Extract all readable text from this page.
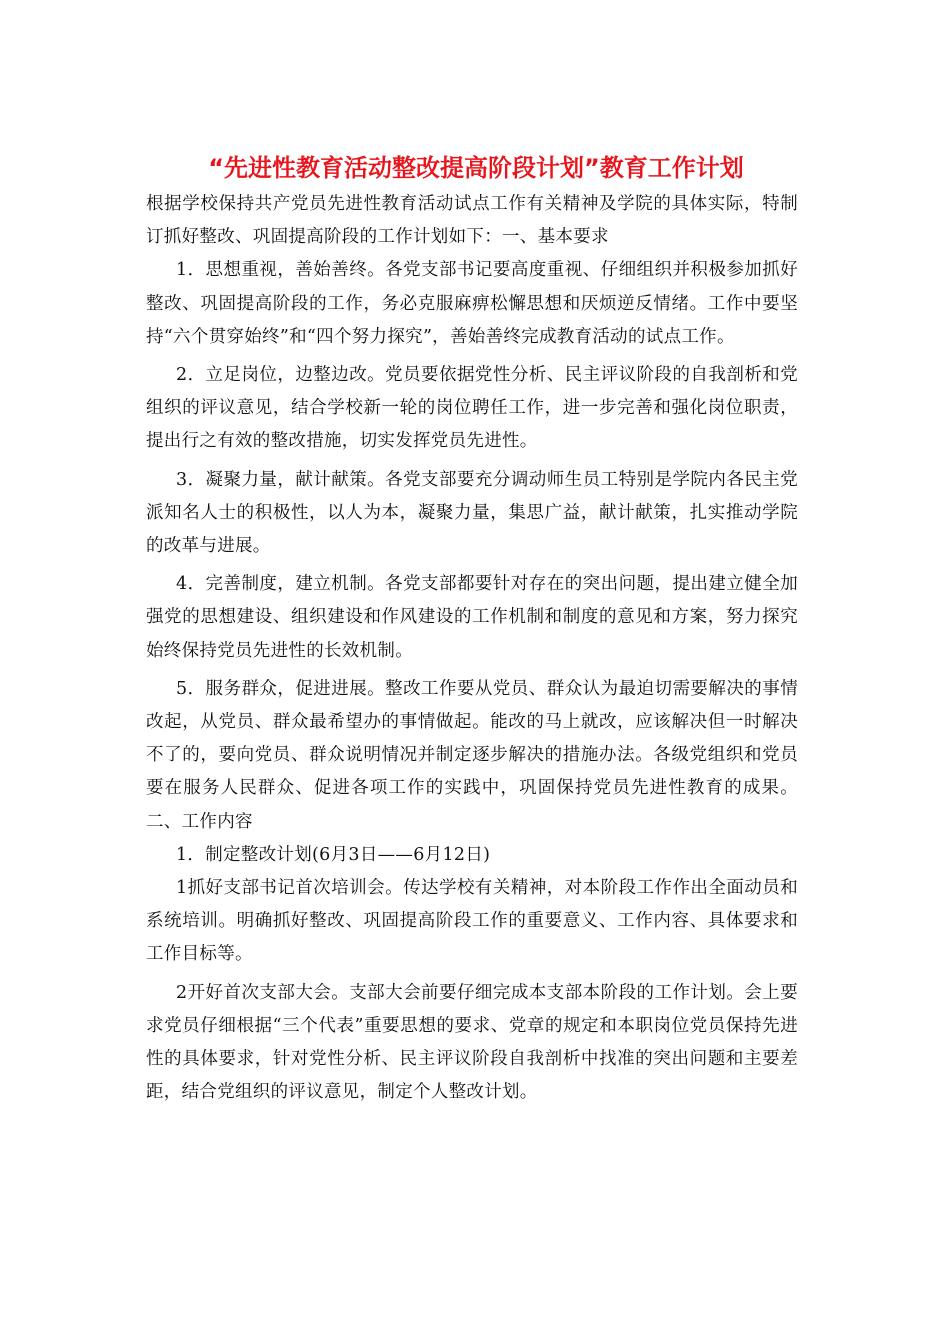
“先进性教育活动整改提高阶段计划”教育工作计划

根据学校保持共产党员先进性教育活动试点工作有关精神及学院的具体实际，特制订抓好整改、巩固提高阶段的工作计划如下：一、基本要求

1．思想重视，善始善终。各党支部书记要高度重视、仔细组织并积极参加抓好整改、巩固提高阶段的工作，务必克服麻痹松懈思想和厌烦逆反情绪。工作中要坚持“六个贯穿始终”和“四个努力探究”，善始善终完成教育活动的试点工作。

2．立足岗位，边整边改。党员要依据党性分析、民主评议阶段的自我剖析和党组织的评议意见，结合学校新一轮的岗位聘任工作，进一步完善和强化岗位职责，提出行之有效的整改措施，切实发挥党员先进性。

3．凝聚力量，献计献策。各党支部要充分调动师生员工特别是学院内各民主党派知名人士的积极性，以人为本，凝聚力量，集思广益，献计献策，扎实推动学院的改革与进展。

4．完善制度，建立机制。各党支部都要针对存在的突出问题，提出建立健全加强党的思想建设、组织建设和作风建设的工作机制和制度的意见和方案，努力探究始终保持党员先进性的长效机制。

5．服务群众，促进进展。整改工作要从党员、群众认为最迫切需要解决的事情改起，从党员、群众最希望办的事情做起。能改的马上就改，应该解决但一时解决不了的，要向党员、群众说明情况并制定逐步解决的措施办法。各级党组织和党员要在服务人民群众、促进各项工作的实践中，巩固保持党员先进性教育的成果。二、工作内容

1．制定整改计划(6月3日——6月12日)

1抓好支部书记首次培训会。传达学校有关精神，对本阶段工作作出全面动员和系统培训。明确抓好整改、巩固提高阶段工作的重要意义、工作内容、具体要求和工作目标等。

2开好首次支部大会。支部大会前要仔细完成本支部本阶段的工作计划。会上要求党员仔细根据“三个代表”重要思想的要求、党章的规定和本职岗位党员保持先进性的具体要求，针对党性分析、民主评议阶段自我剖析中找准的突出问题和主要差距，结合党组织的评议意见，制定个人整改计划。
